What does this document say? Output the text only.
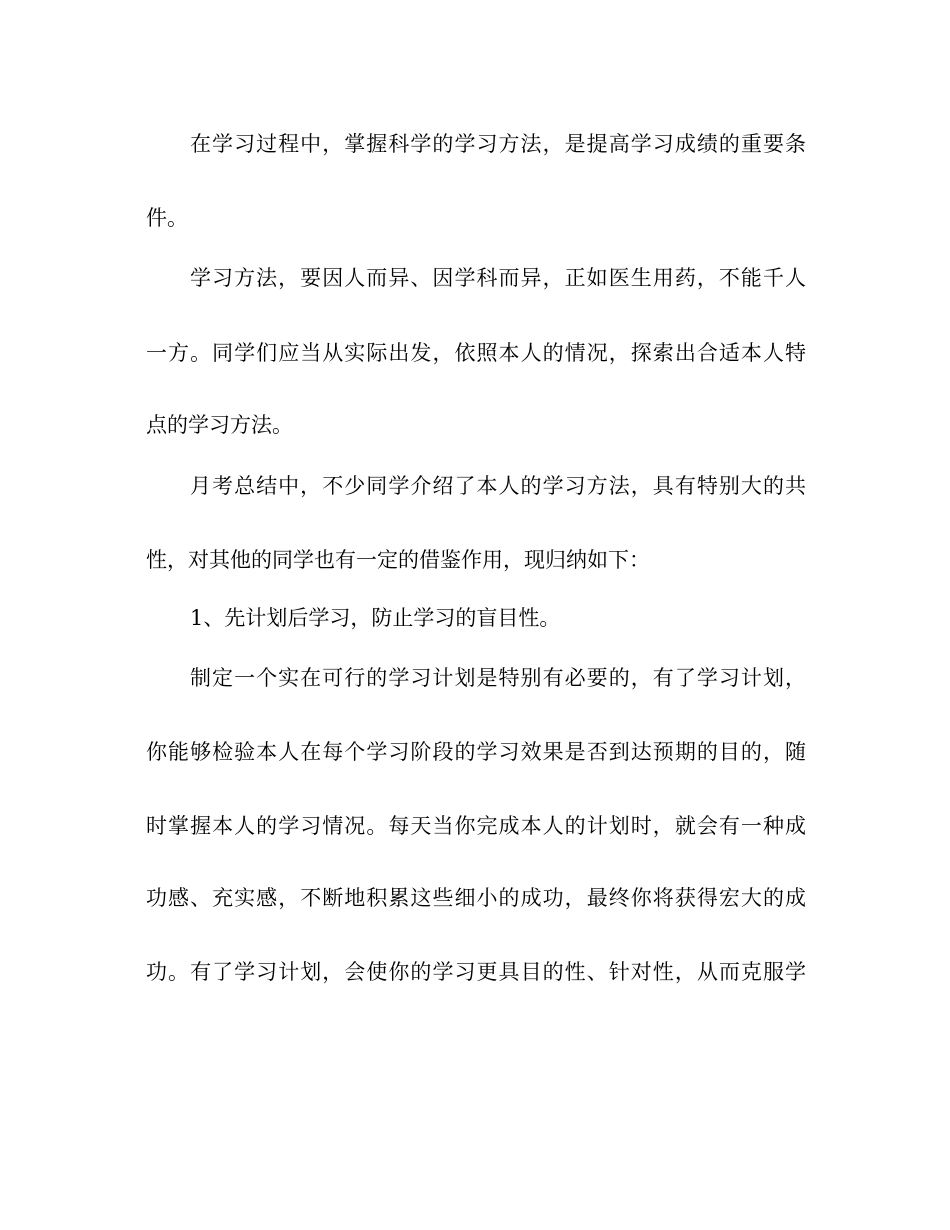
在学习过程中，掌握科学的学习方法，是提高学习成绩的重要条
件。
学习方法，要因人而异、因学科而异，正如医生用药，不能千人
一方。同学们应当从实际出发，依照本人的情况，探索出合适本人特
点的学习方法。
月考总结中，不少同学介绍了本人的学习方法，具有特别大的共
性，对其他的同学也有一定的借鉴作用，现归纳如下：
1、先计划后学习，防止学习的盲目性。
制定一个实在可行的学习计划是特别有必要的，有了学习计划，
你能够检验本人在每个学习阶段的学习效果是否到达预期的目的，随
时掌握本人的学习情况。每天当你完成本人的计划时，就会有一种成
功感、充实感，不断地积累这些细小的成功，最终你将获得宏大的成
功。有了学习计划，会使你的学习更具目的性、针对性，从而克服学
